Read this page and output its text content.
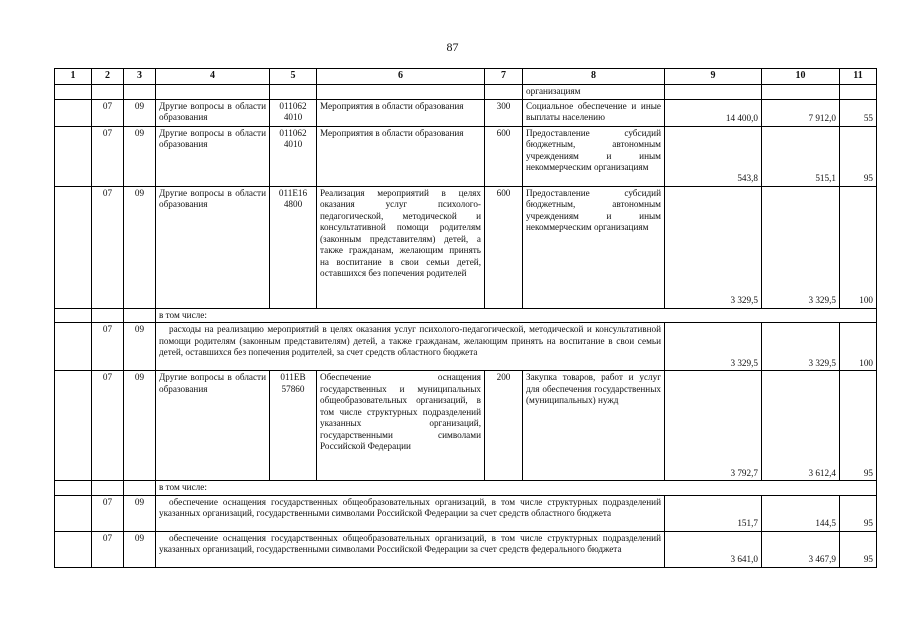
87
1	2	3	4	5	6	7	8	9	10	11
							организациям			
	07	09	Другие вопросы в области образования	011062 4010	Мероприятия в области образования	300	Социальное обеспечение и иные выплаты населению	14 400,0	7 912,0	55
	07	09	Другие вопросы в области образования	011062 4010	Мероприятия в области образования	600	Предоставление субсидий бюджетным, автономным учреждениям и иным некоммерческим организациям	543,8	515,1	95
	07	09	Другие вопросы в области образования	011E16 4800	Реализация мероприятий в целях оказания услуг психолого-педагогической, методической и консультативной помощи родителям (законным представителям) детей, а также гражданам, желающим принять на воспитание в свои семьи детей, оставшихся без попечения родителей	600	Предоставление субсидий бюджетным, автономным учреждениям и иным некоммерческим организациям	3 329,5	3 329,5	100
			в том числе:							
	07	09	расходы на реализацию мероприятий в целях оказания услуг психолого-педагогической, методической и консультативной помощи родителям (законным представителям) детей, а также гражданам, желающим принять на воспитание в свои семьи детей, оставшихся без попечения родителей, за счет средств областного бюджета					3 329,5	3 329,5	100
	07	09	Другие вопросы в области образования	011EВ 57860	Обеспечение оснащения государственных и муниципальных общеобразовательных организаций, в том числе структурных подразделений указанных организаций, государственными символами Российской Федерации	200	Закупка товаров, работ и услуг для обеспечения государственных (муниципальных) нужд	3 792,7	3 612,4	95
			в том числе:							
	07	09	обеспечение оснащения государственных общеобразовательных организаций, в том числе структурных подразделений указанных организаций, государственными символами Российской Федерации за счет средств областного бюджета					151,7	144,5	95
	07	09	обеспечение оснащения государственных общеобразовательных организаций, в том числе структурных подразделений указанных организаций, государственными символами Российской Федерации за счет средств федерального бюджета					3 641,0	3 467,9	95
